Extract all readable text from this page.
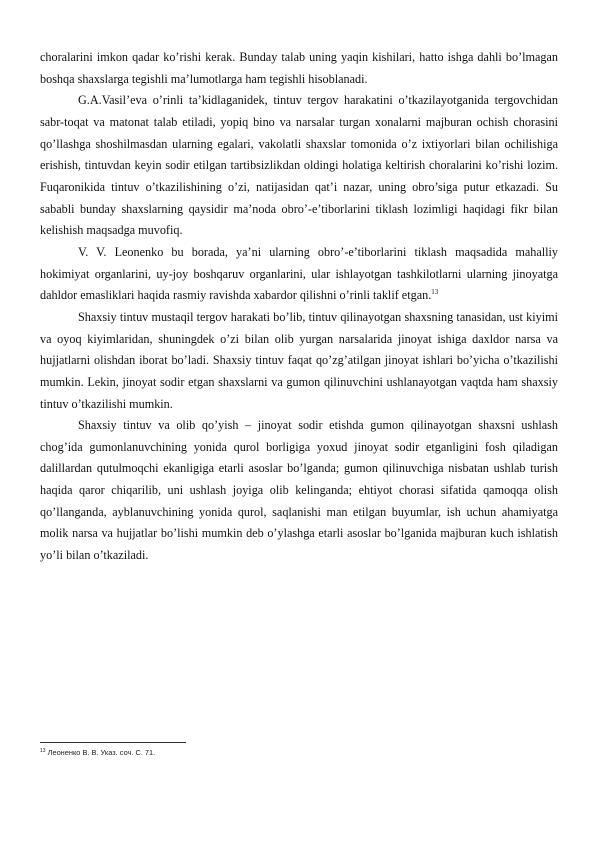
choralarini imkon qadar ko’rishi kerak. Bunday talab uning yaqin kishilari, hatto ishga dahli bo’lmagan boshqa shaxslarga tegishli ma’lumotlarga ham tegishli hisoblanadi.

G.A.Vasil’eva o’rinli ta’kidlaganidek, tintuv tergov harakatini o’tkazilayotganida tergovchidan sabr-toqat va matonat talab etiladi, yopiq bino va narsalar turgan xonalarni majburan ochish chorasini qo’llashga shoshilmasdan ularning egalari, vakolatli shaxslar tomonida o’z ixtiyorlari bilan ochilishiga erishish, tintuvdan keyin sodir etilgan tartibsizlikdan oldingi holatiga keltirish choralarini ko’rishi lozim. Fuqaronikida tintuv o’tkazilishining o’zi, natijasidan qat’i nazar, uning obro’siga putur etkazadi. Su sababli bunday shaxslarning qaysidir ma’noda obro’-e’tiborlarini tiklash lozimligi haqidagi fikr bilan kelishish maqsadga muvofiq.

V. V. Leonenko bu borada, ya’ni ularning obro’-e’tiborlarini tiklash maqsadida mahalliy hokimiyat organlarini, uy-joy boshqaruv organlarini, ular ishlayotgan tashkilotlarni ularning jinoyatga dahldor emasliklari haqida rasmiy ravishda xabardor qilishni o’rinli taklif etgan.$^{13}$

Shaxsiy tintuv mustaqil tergov harakati bo’lib, tintuv qilinayotgan shaxsning tanasidan, ust kiyimi va oyoq kiyimlaridan, shuningdek o’zi bilan olib yurgan narsalarida jinoyat ishiga daxldor narsa va hujjatlarni olishdan iborat bo’ladi. Shaxsiy tintuv faqat qo’zg’atilgan jinoyat ishlari bo’yicha o’tkazilishi mumkin. Lekin, jinoyat sodir etgan shaxslarni va gumon qilinuvchini ushlanayotgan vaqtda ham shaxsiy tintuv o’tkazilishi mumkin.

Shaxsiy tintuv va olib qo’yish – jinoyat sodir etishda gumon qilinayotgan shaxsni ushlash chog’ida gumonlanuvchining yonida qurol borligiga yoxud jinoyat sodir etganligini fosh qiladigan dalillardan qutulmoqchi ekanligiga etarli asoslar bo’lganda; gumon qilinuvchiga nisbatan ushlab turish haqida qaror chiqarilib, uni ushlash joyiga olib kelinganda; ehtiyot chorasi sifatida qamoqqa olish qo’llanganda, ayblanuvchining yonida qurol, saqlanishi man etilgan buyumlar, ish uchun ahamiyatga molik narsa va hujjatlar bo’lishi mumkin deb o’ylashga etarli asoslar bo’lganida majburan kuch ishlatish yo’li bilan o’tkaziladi.

$^{13}$ Леоненко В. В. Указ. соч. С. 71.
